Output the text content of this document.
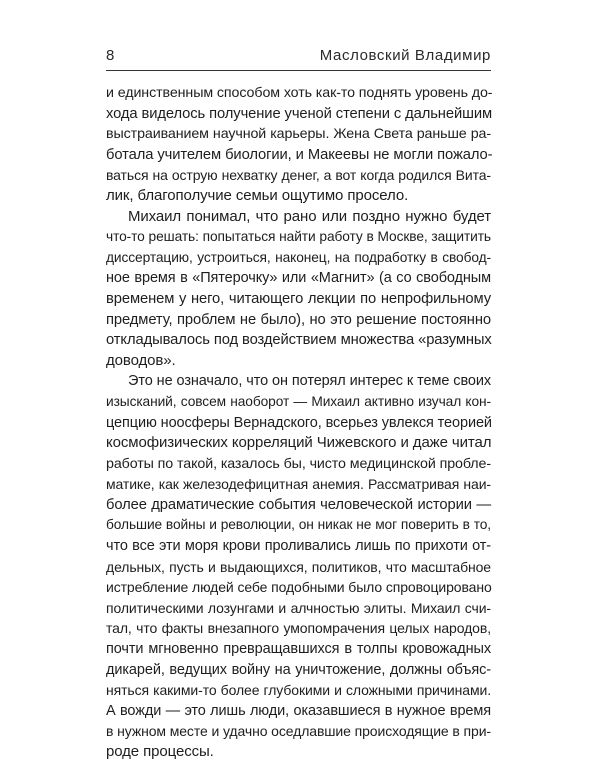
8	Масловский Владимир
и единственным способом хоть как-то поднять уровень до-
хода виделось получение ученой степени с дальнейшим
выстраиванием научной карьеры. Жена Света раньше ра-
ботала учителем биологии, и Макеевы не могли пожало-
ваться на острую нехватку денег, а вот когда родился Вита-
лик, благополучие семьи ощутимо просело.
Михаил понимал, что рано или поздно нужно будет
что-то решать: попытаться найти работу в Москве, защитить
диссертацию, устроиться, наконец, на подработку в свобод-
ное время в «Пятерочку» или «Магнит» (а со свободным
временем у него, читающего лекции по непрофильному
предмету, проблем не было), но это решение постоянно
откладывалось под воздействием множества «разумных
доводов».
Это не означало, что он потерял интерес к теме своих
изысканий, совсем наоборот — Михаил активно изучал кон-
цепцию ноосферы Вернадского, всерьез увлекся теорией
космофизических корреляций Чижевского и даже читал
работы по такой, казалось бы, чисто медицинской пробле-
матике, как железодефицитная анемия. Рассматривая наи-
более драматические события человеческой истории —
большие войны и революции, он никак не мог поверить в то,
что все эти моря крови проливались лишь по прихоти от-
дельных, пусть и выдающихся, политиков, что масштабное
истребление людей себе подобными было спровоцировано
политическими лозунгами и алчностью элиты. Михаил счи-
тал, что факты внезапного умопомрачения целых народов,
почти мгновенно превращавшихся в толпы кровожадных
дикарей, ведущих войну на уничтожение, должны объяс-
няться какими-то более глубокими и сложными причинами.
А вожди — это лишь люди, оказавшиеся в нужное время
в нужном месте и удачно оседлавшие происходящие в при-
роде процессы.
